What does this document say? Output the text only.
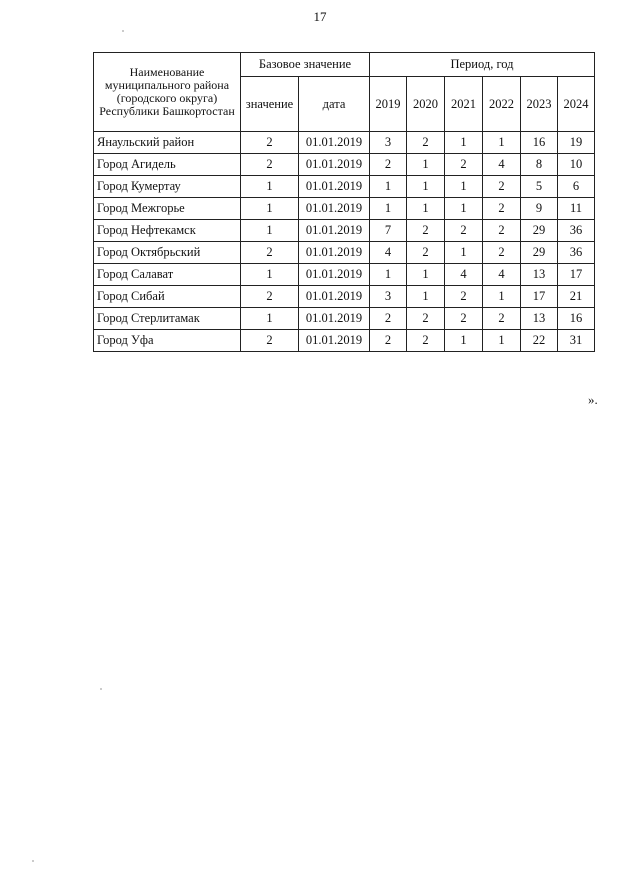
17
Наименование муниципального района (городского округа) Республики Башкортостан	Базовое значение		Период, год					
	значение	дата	2019	2020	2021	2022	2023	2024
Янаульский район	2	01.01.2019	3	2	1	1	16	19
Город Агидель	2	01.01.2019	2	1	2	4	8	10
Город Кумертау	1	01.01.2019	1	1	1	2	5	6
Город Межгорье	1	01.01.2019	1	1	1	2	9	11
Город Нефтекамск	1	01.01.2019	7	2	2	2	29	36
Город Октябрьский	2	01.01.2019	4	2	1	2	29	36
Город Салават	1	01.01.2019	1	1	4	4	13	17
Город Сибай	2	01.01.2019	3	1	2	1	17	21
Город Стерлитамак	1	01.01.2019	2	2	2	2	13	16
Город Уфа	2	01.01.2019	2	2	1	1	22	31
».
